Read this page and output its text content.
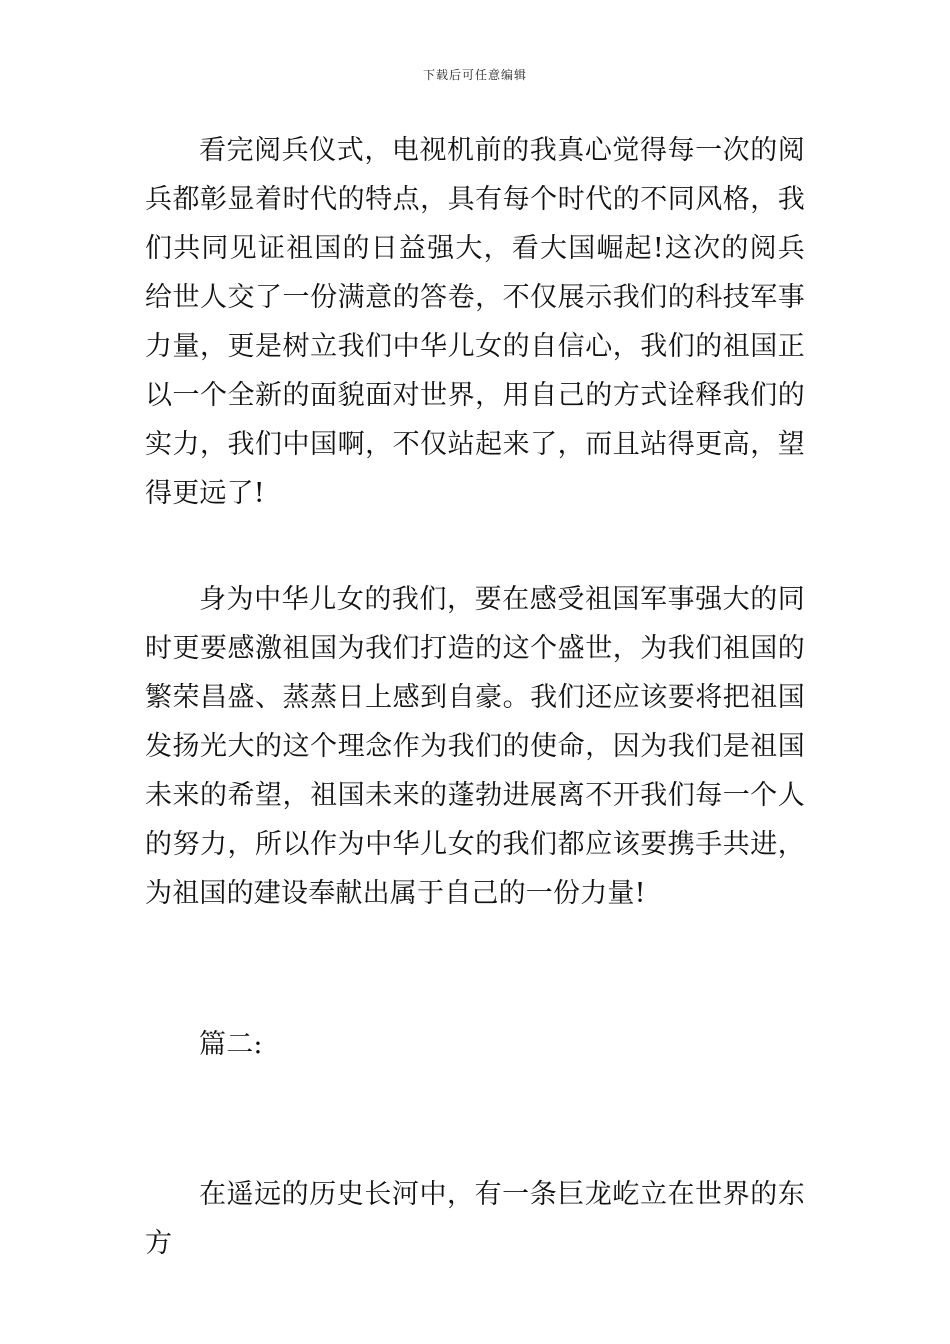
下载后可任意编辑

看完阅兵仪式，电视机前的我真心觉得每一次的阅兵都彰显着时代的特点，具有每个时代的不同风格，我们共同见证祖国的日益强大，看大国崛起!这次的阅兵给世人交了一份满意的答卷，不仅展示我们的科技军事力量，更是树立我们中华儿女的自信心，我们的祖国正以一个全新的面貌面对世界，用自己的方式诠释我们的实力，我们中国啊，不仅站起来了，而且站得更高，望得更远了!

身为中华儿女的我们，要在感受祖国军事强大的同时更要感激祖国为我们打造的这个盛世，为我们祖国的繁荣昌盛、蒸蒸日上感到自豪。我们还应该要将把祖国发扬光大的这个理念作为我们的使命，因为我们是祖国未来的希望，祖国未来的蓬勃进展离不开我们每一个人的努力，所以作为中华儿女的我们都应该要携手共进，为祖国的建设奉献出属于自己的一份力量!

篇二:

在遥远的历史长河中，有一条巨龙屹立在世界的东方
